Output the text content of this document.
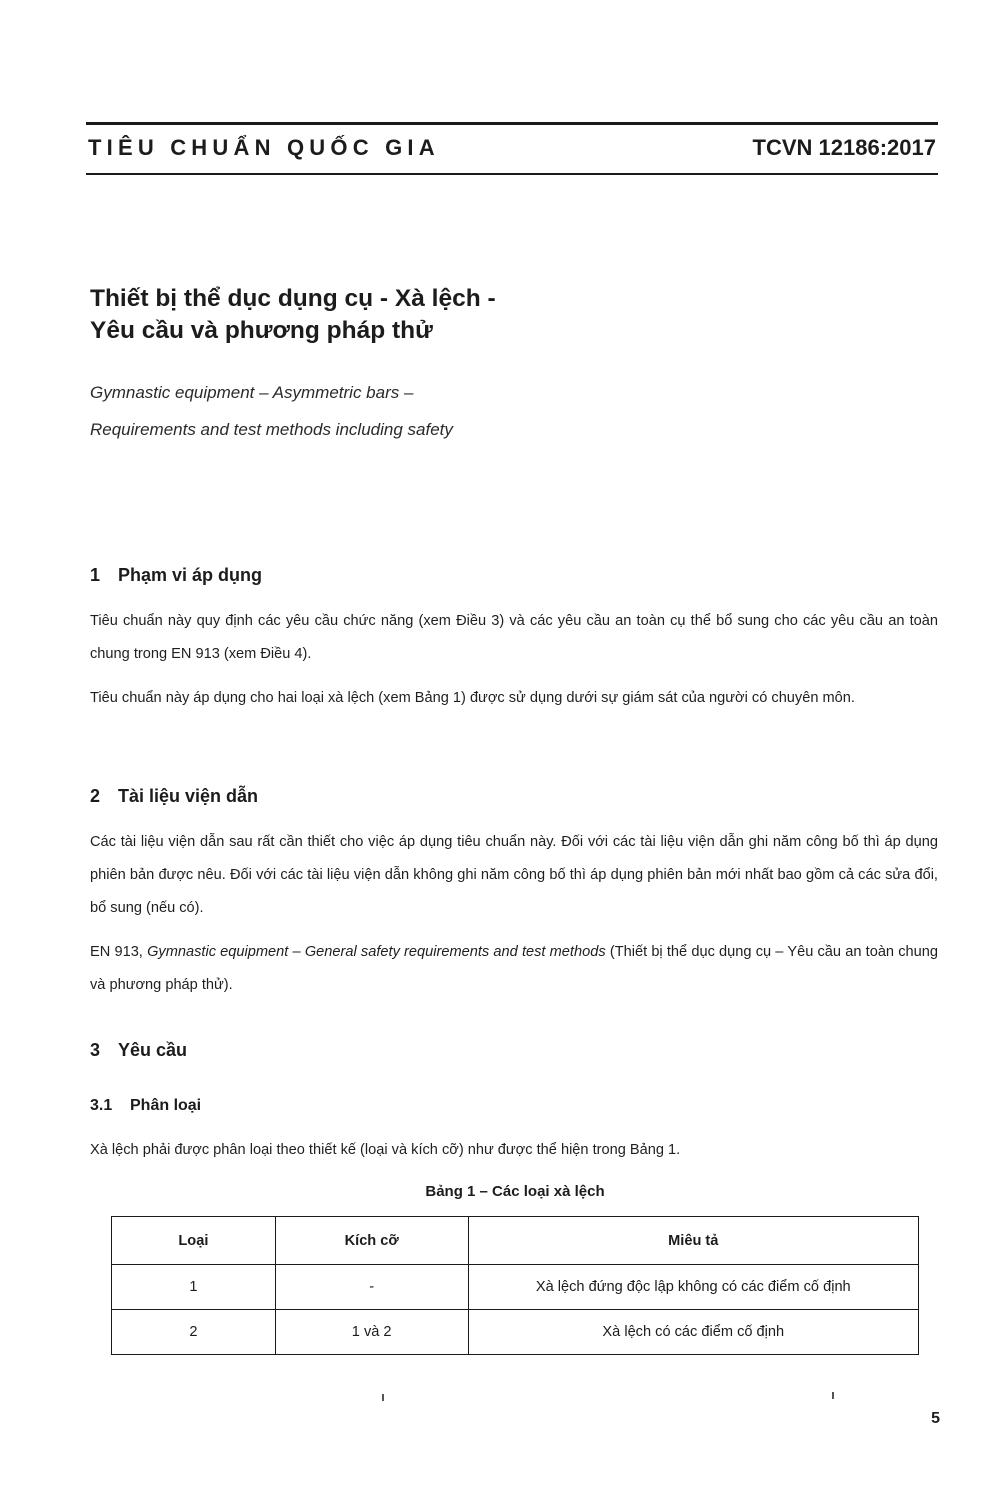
TIÊU CHUẨN QUỐC GIA	TCVN 12186:2017
Thiết bị thể dục dụng cụ - Xà lệch -
Yêu cầu và phương pháp thử
Gymnastic equipment – Asymmetric bars –
Requirements and test methods including safety
1 Phạm vi áp dụng
Tiêu chuẩn này quy định các yêu cầu chức năng (xem Điều 3) và các yêu cầu an toàn cụ thể bổ sung cho các yêu cầu an toàn chung trong EN 913 (xem Điều 4).
Tiêu chuẩn này áp dụng cho hai loại xà lệch (xem Bảng 1) được sử dụng dưới sự giám sát của người có chuyên môn.
2 Tài liệu viện dẫn
Các tài liệu viện dẫn sau rất cần thiết cho việc áp dụng tiêu chuẩn này. Đối với các tài liệu viện dẫn ghi năm công bố thì áp dụng phiên bản được nêu. Đối với các tài liệu viện dẫn không ghi năm công bố thì áp dụng phiên bản mới nhất bao gồm cả các sửa đổi, bổ sung (nếu có).
EN 913, Gymnastic equipment – General safety requirements and test methods (Thiết bị thể dục dụng cụ – Yêu cầu an toàn chung và phương pháp thử).
3 Yêu cầu
3.1 Phân loại
Xà lệch phải được phân loại theo thiết kế (loại và kích cỡ) như được thể hiện trong Bảng 1.
Bảng 1 – Các loại xà lệch
Loại	Kích cỡ	Miêu tả
1	-	Xà lệch đứng độc lập không có các điểm cố định
2	1 và 2	Xà lệch có các điểm cố định
5
